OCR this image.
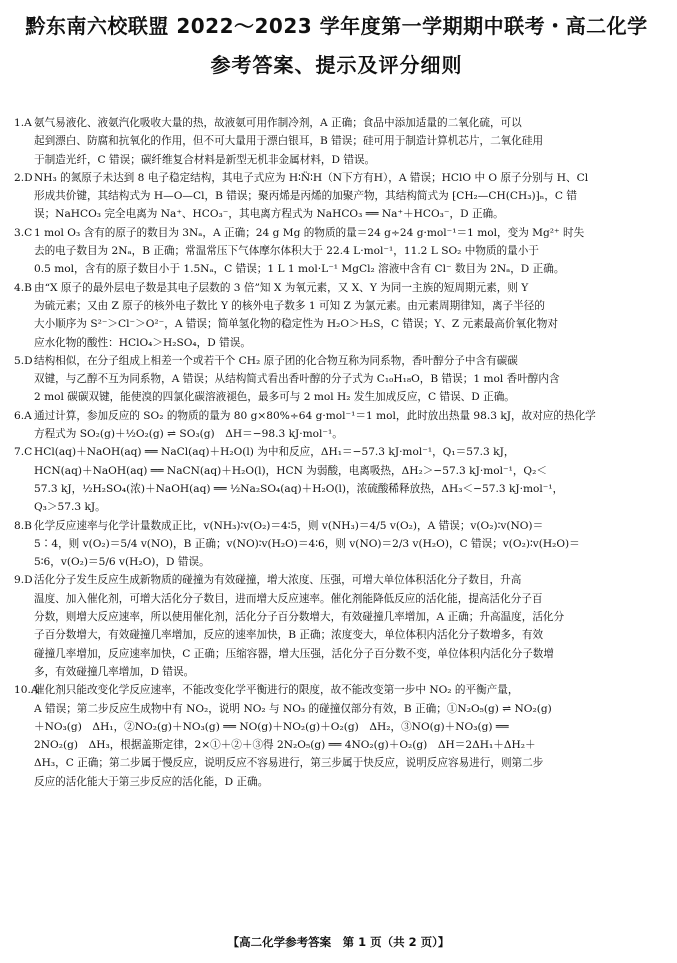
黔东南六校联盟 2022～2023 学年度第一学期期中联考・高二化学
参考答案、提示及评分细则
1.A 氨气易液化、液氨汽化吸收大量的热，故液氨可用作制冷剂，A 正确；食品中添加适量的二氧化硫，可以
起到漂白、防腐和抗氧化的作用，但不可大量用于漂白银耳，B 错误；硅可用于制造计算机芯片，二氧化硅用
于制造光纤，C 错误；碳纤维复合材料是新型无机非金属材料，D 错误。
2.D NH₃ 的氮原子未达到 8 电子稳定结构，其电子式应为 H∶N̈∶H（N下方有H），A 错误；HClO 中 O 原子分别与 H、Cl
形成共价键，其结构式为 H—O—Cl，B 错误；聚丙烯是丙烯的加聚产物，其结构简式为 ⁅CH₂—CH(CH₃)⁆ₙ，C 错
误；NaHCO₃ 完全电离为 Na⁺、HCO₃⁻，其电离方程式为 NaHCO₃ ══ Na⁺＋HCO₃⁻，D 正确。
3.C 1 mol O₃ 含有的原子的数目为 3Nₐ，A 正确；24 g Mg 的物质的量＝24 g÷24 g·mol⁻¹＝1 mol，变为 Mg²⁺ 时失
去的电子数目为 2Nₐ，B 正确；常温常压下气体摩尔体积大于 22.4 L·mol⁻¹，11.2 L SO₂ 中物质的量小于
0.5 mol，含有的原子数目小于 1.5Nₐ，C 错误；1 L 1 mol·L⁻¹ MgCl₂ 溶液中含有 Cl⁻ 数目为 2Nₐ，D 正确。
4.B 由“X 原子的最外层电子数是其电子层数的 3 倍”知 X 为氧元素，又 X、Y 为同一主族的短周期元素，则 Y
为硫元素；又由 Z 原子的核外电子数比 Y 的核外电子数多 1 可知 Z 为氯元素。由元素周期律知，离子半径的
大小顺序为 S²⁻＞Cl⁻＞O²⁻，A 错误；简单氢化物的稳定性为 H₂O＞H₂S，C 错误；Y、Z 元素最高价氧化物对
应水化物的酸性：HClO₄＞H₂SO₄，D 错误。
5.D 结构相似，在分子组成上相差一个或若干个 CH₂ 原子团的化合物互称为同系物，香叶醇分子中含有碳碳
双键，与乙醇不互为同系物，A 错误；从结构简式看出香叶醇的分子式为 C₁₀H₁₈O，B 错误；1 mol 香叶醇内含
2 mol 碳碳双键，能使溴的四氯化碳溶液褪色，最多可与 2 mol H₂ 发生加成反应，C 错误、D 正确。
6.A 通过计算，参加反应的 SO₂ 的物质的量为 80 g×80%÷64 g·mol⁻¹＝1 mol，此时放出热量 98.3 kJ，故对应的热化学
方程式为 SO₂(g)＋½O₂(g) ⇌ SO₃(g)　ΔH＝−98.3 kJ·mol⁻¹。
7.C HCl(aq)＋NaOH(aq) ══ NaCl(aq)＋H₂O(l) 为中和反应，ΔH₁＝−57.3 kJ·mol⁻¹，Q₁＝57.3 kJ，
HCN(aq)＋NaOH(aq) ══ NaCN(aq)＋H₂O(l)，HCN 为弱酸，电离吸热，ΔH₂＞−57.3 kJ·mol⁻¹，Q₂＜
57.3 kJ，½H₂SO₄(浓)＋NaOH(aq) ══ ½Na₂SO₄(aq)＋H₂O(l)，浓硫酸稀释放热，ΔH₃＜−57.3 kJ·mol⁻¹，
Q₃＞57.3 kJ。
8.B 化学反应速率与化学计量数成正比，v(NH₃)∶v(O₂)＝4∶5，则 v(NH₃)＝4/5 v(O₂)，A 错误；v(O₂)∶v(NO)＝
5∶4，则 v(O₂)＝5/4 v(NO)，B 正确；v(NO)∶v(H₂O)＝4∶6，则 v(NO)＝2/3 v(H₂O)，C 错误；v(O₂)∶v(H₂O)＝
5∶6，v(O₂)＝5/6 v(H₂O)，D 错误。
9.D 活化分子发生反应生成新物质的碰撞为有效碰撞，增大浓度、压强，可增大单位体积活化分子数目，升高
温度、加入催化剂，可增大活化分子数目，进而增大反应速率。催化剂能降低反应的活化能，提高活化分子百
分数，则增大反应速率，所以使用催化剂，活化分子百分数增大，有效碰撞几率增加，A 正确；升高温度，活化分
子百分数增大，有效碰撞几率增加，反应的速率加快，B 正确；浓度变大，单位体积内活化分子数增多，有效
碰撞几率增加，反应速率加快，C 正确；压缩容器，增大压强，活化分子百分数不变，单位体积内活化分子数增
多，有效碰撞几率增加，D 错误。
10.A
催化剂只能改变化学反应速率，不能改变化学平衡进行的限度，故不能改变第一步中 NO₂ 的平衡产量，
A 错误；第二步反应生成物中有 NO₂，说明 NO₂ 与 NO₃ 的碰撞仅部分有效，B 正确；①N₂O₅(g) ⇌ NO₂(g)
＋NO₃(g)　ΔH₁，②NO₂(g)＋NO₃(g) ══ NO(g)＋NO₂(g)＋O₂(g)　ΔH₂，③NO(g)＋NO₃(g) ══
2NO₂(g)　ΔH₃，根据盖斯定律，2×①＋②＋③得 2N₂O₅(g) ══ 4NO₂(g)＋O₂(g)　ΔH＝2ΔH₁＋ΔH₂＋
ΔH₃，C 正确；第二步属于慢反应，说明反应不容易进行，第三步属于快反应，说明反应容易进行，则第二步
反应的活化能大于第三步反应的活化能，D 正确。
【高二化学参考答案　第 1 页（共 2 页）】
